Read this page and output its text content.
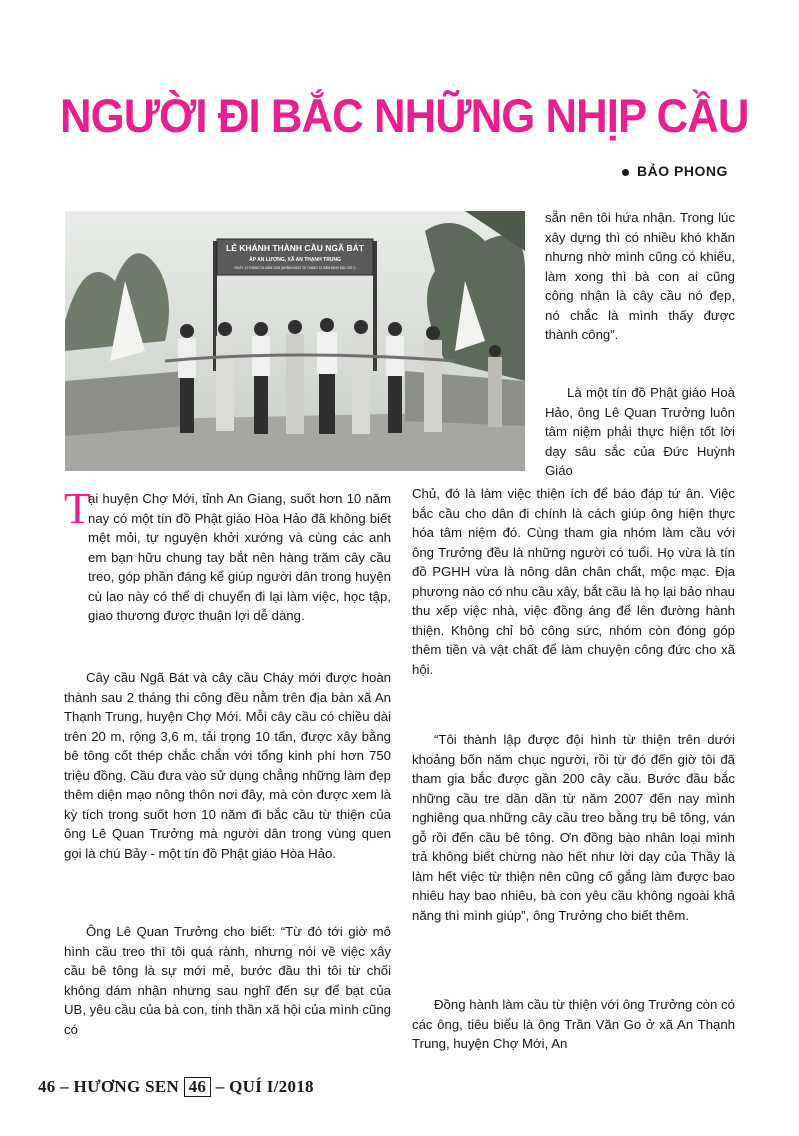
NGƯỜI ĐI BẮC NHỮNG NHỊP CẦU
BẢO PHONG
LỄ KHÁNH THÀNH CẦU NGÃ BÁT
ẤP AN LƯƠNG, XÃ AN THẠNH TRUNG
NGÀY 10 THÁNG 02 NĂM 2018 (NHẰM NGÀY 25 THÁNG 12 NĂM ĐINH DẬU 2017)
T

ại huyện Chợ Mới, tỉnh An Giang, suốt hơn 10 năm nay có một tín đồ Phật giáo Hòa Hảo đã không biết mệt mỏi, tự nguyện khởi xướng và cùng các anh em bạn hữu chung tay bắt nên hàng trăm cây cầu treo, góp phần đáng kể giúp người dân trong huyện cù lao này có thể di chuyển đi lại làm việc, học tập, giao thương được thuận lợi dễ dàng.

Cây cầu Ngã Bát và cây cầu Cháy mới được hoàn thành sau 2 tháng thi công đều nằm trên địa bàn xã An Thạnh Trung, huyện Chợ Mới. Mỗi cây cầu có chiều dài trên 20 m, rộng 3,6 m, tải trọng 10 tấn, được xây bằng bê tông cốt thép chắc chắn với tổng kinh phí hơn 750 triệu đồng. Cầu đưa vào sử dụng chẳng những làm đẹp thêm diện mạo nông thôn nơi đây, mà còn được xem là kỳ tích trong suốt hơn 10 năm đi bắc cầu từ thiện của ông Lê Quan Trưởng mà người dân trong vùng quen gọi là chú Bảy - một tín đồ Phật giáo Hòa Hảo.

Ông Lê Quan Trưởng cho biết: “Từ đó tới giờ mô hình cầu treo thì tôi quá rành, nhưng nói về việc xây cầu bê tông là sự mới mẻ, bước đầu thì tôi từ chối không dám nhận nhưng sau nghĩ đến sự để bạt của UB, yêu cầu của bà con, tinh thần xã hội của mình cũng có

sẵn nên tôi hứa nhận. Trong lúc xây dựng thì có nhiều khó khăn nhưng nhờ mình cũng có khiếu, làm xong thì bà con ai cũng công nhận là cây cầu nó đẹp, nó chắc là mình thấy được thành công”.

Là một tín đồ Phật giáo Hoà Hảo, ông Lê Quan Trưởng luôn tâm niệm phải thực hiện tốt lời dạy sâu sắc của Đức Huỳnh Giáo

Chủ, đó là làm việc thiện ích để báo đáp tứ ân. Việc bắc cầu cho dân đi chính là cách giúp ông hiện thực hóa tâm niệm đó. Cùng tham gia nhóm làm cầu với ông Trưởng đều là những người có tuổi. Họ vừa là tín đồ PGHH vừa là nông dân chân chất, mộc mạc. Địa phương nào có nhu cầu xây, bắt cầu là họ lại bảo nhau thu xếp việc nhà, việc đồng áng để lên đường hành thiện. Không chỉ bỏ công sức, nhóm còn đóng góp thêm tiền và vật chất để làm chuyện công đức cho xã hội.

“Tôi thành lập được đội hình từ thiện trên dưới khoảng bốn năm chục người, rồi từ đó đến giờ tôi đã tham gia bắc được gần 200 cây cầu. Bước đầu bắc những cầu tre dần dần từ năm 2007 đến nay mình nghiêng qua những cây cầu treo bằng trụ bê tông, ván gỗ rồi đến cầu bê tông. Ơn đồng bào nhân loại mình trả không biết chừng nào hết như lời dạy của Thầy là làm hết việc từ thiện nên cũng cố gắng làm được bao nhiêu hay bao nhiêu, bà con yêu cầu không ngoài khả năng thì mình giúp”, ông Trưởng cho biết thêm.

Đồng hành làm cầu từ thiện với ông Trưởng còn có các ông, tiêu biểu là ông Trần Văn Go ở xã An Thạnh Trung, huyện Chợ Mới, An

46 – HƯƠNG SEN 46 – QUÍ I/2018
